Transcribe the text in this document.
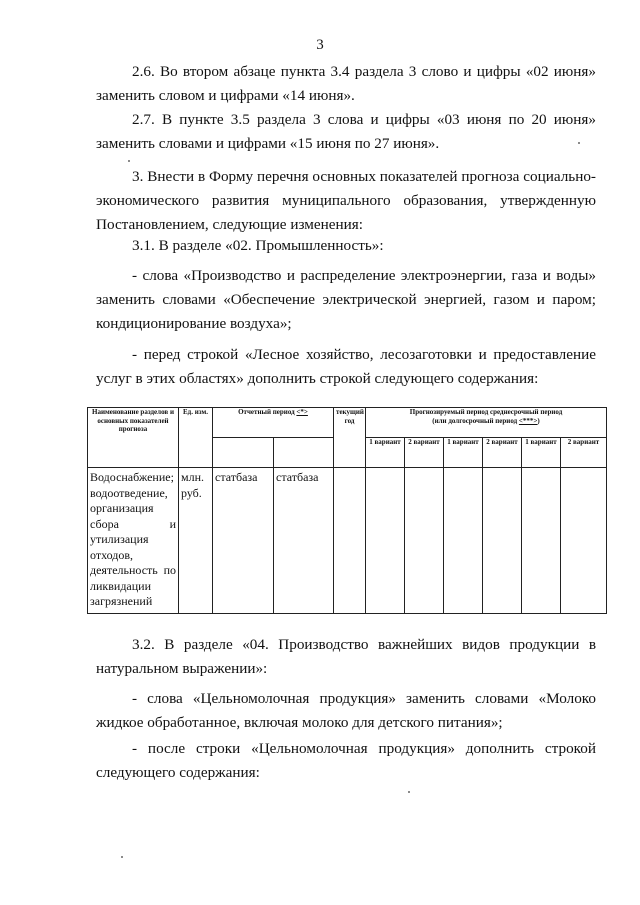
3

2.6. Во втором абзаце пункта 3.4 раздела 3 слово и цифры «02 июня» заменить словом и цифрами «14 июня».

2.7. В пункте 3.5 раздела 3 слова и цифры «03 июня по 20 июня» заменить словами и цифрами «15 июня по 27 июня».

3. Внести в Форму перечня основных показателей прогноза социально-экономического развития муниципального образования, утвержденную Постановлением, следующие изменения:

3.1. В разделе «02. Промышленность»:

- слова «Производство и распределение электроэнергии, газа и воды» заменить словами «Обеспечение электрической энергией, газом и паром; кондиционирование воздуха»;

- перед строкой «Лесное хозяйство, лесозаготовки и предоставление услуг в этих областях» дополнить строкой следующего содержания:

Наименование разделов и основных показателей прогноза	Ед. изм.	Отчетный период <*>		текущий год	Прогнозируемый период среднесрочный период
(или долгосрочный период <***>)					

					1 вариант	2 вариант	1 вариант	2 вариант	1 вариант	2 вариант
Водоснабжение; водоотведение, организация сбора и утилизация отходов, деятельность по ликвидации загрязнений	млн. руб.	статбаза	статбаза							

3.2. В разделе «04. Производство важнейших видов продукции в натуральном выражении»:

- слова «Цельномолочная продукция» заменить словами «Молоко жидкое обработанное, включая молоко для детского питания»;

- после строки «Цельномолочная продукция» дополнить строкой следующего содержания:
